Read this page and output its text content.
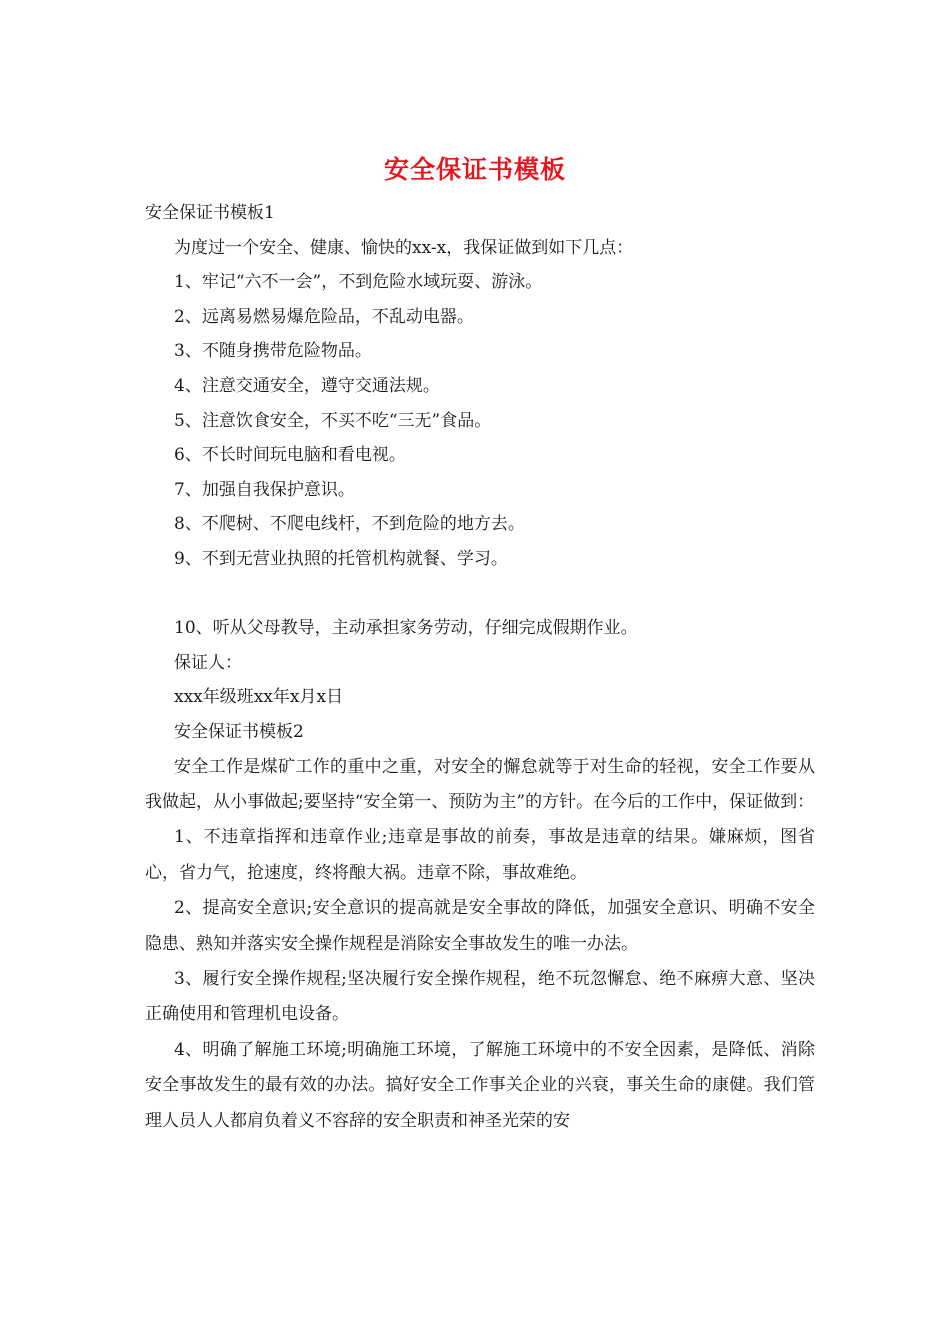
安全保证书模板
安全保证书模板1
为度过一个安全、健康、愉快的xx-x，我保证做到如下几点：
1、牢记“六不一会”，不到危险水域玩耍、游泳。
2、远离易燃易爆危险品，不乱动电器。
3、不随身携带危险物品。
4、注意交通安全，遵守交通法规。
5、注意饮食安全，不买不吃“三无”食品。
6、不长时间玩电脑和看电视。
7、加强自我保护意识。
8、不爬树、不爬电线杆，不到危险的地方去。
9、不到无营业执照的托管机构就餐、学习。
10、听从父母教导，主动承担家务劳动，仔细完成假期作业。
保证人：
xxx年级班xx年x月x日
安全保证书模板2

安全工作是煤矿工作的重中之重，对安全的懈怠就等于对生命的轻视，安全工作要从我做起，从小事做起;要坚持“安全第一、预防为主”的方针。在今后的工作中，保证做到：

1、不违章指挥和违章作业;违章是事故的前奏，事故是违章的结果。嫌麻烦，图省心，省力气，抢速度，终将酿大祸。违章不除，事故难绝。

2、提高安全意识;安全意识的提高就是安全事故的降低，加强安全意识、明确不安全隐患、熟知并落实安全操作规程是消除安全事故发生的唯一办法。

3、履行安全操作规程;坚决履行安全操作规程，绝不玩忽懈怠、绝不麻痹大意、坚决正确使用和管理机电设备。

4、明确了解施工环境;明确施工环境，了解施工环境中的不安全因素，是降低、消除安全事故发生的最有效的办法。搞好安全工作事关企业的兴衰，事关生命的康健。我们管理人员人人都肩负着义不容辞的安全职责和神圣光荣的安
